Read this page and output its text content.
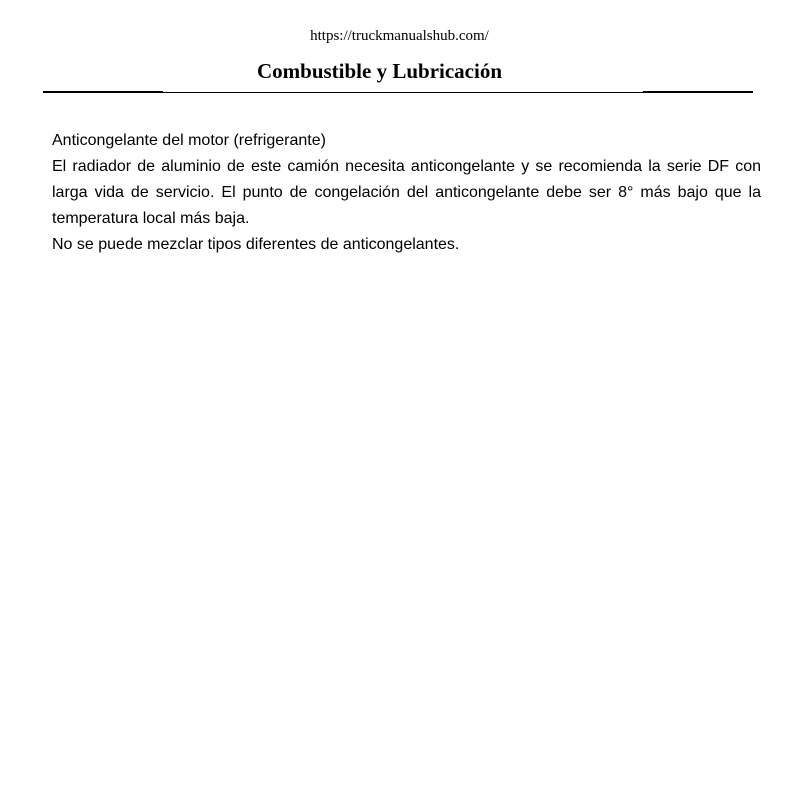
https://truckmanualshub.com/
Combustible y Lubricación

Anticongelante del motor (refrigerante)

El radiador de aluminio de este camión necesita anticongelante y se recomienda la serie DF con larga vida de servicio. El punto de congelación del anticongelante debe ser 8° más bajo que la temperatura local más baja.

No se puede mezclar tipos diferentes de anticongelantes.
